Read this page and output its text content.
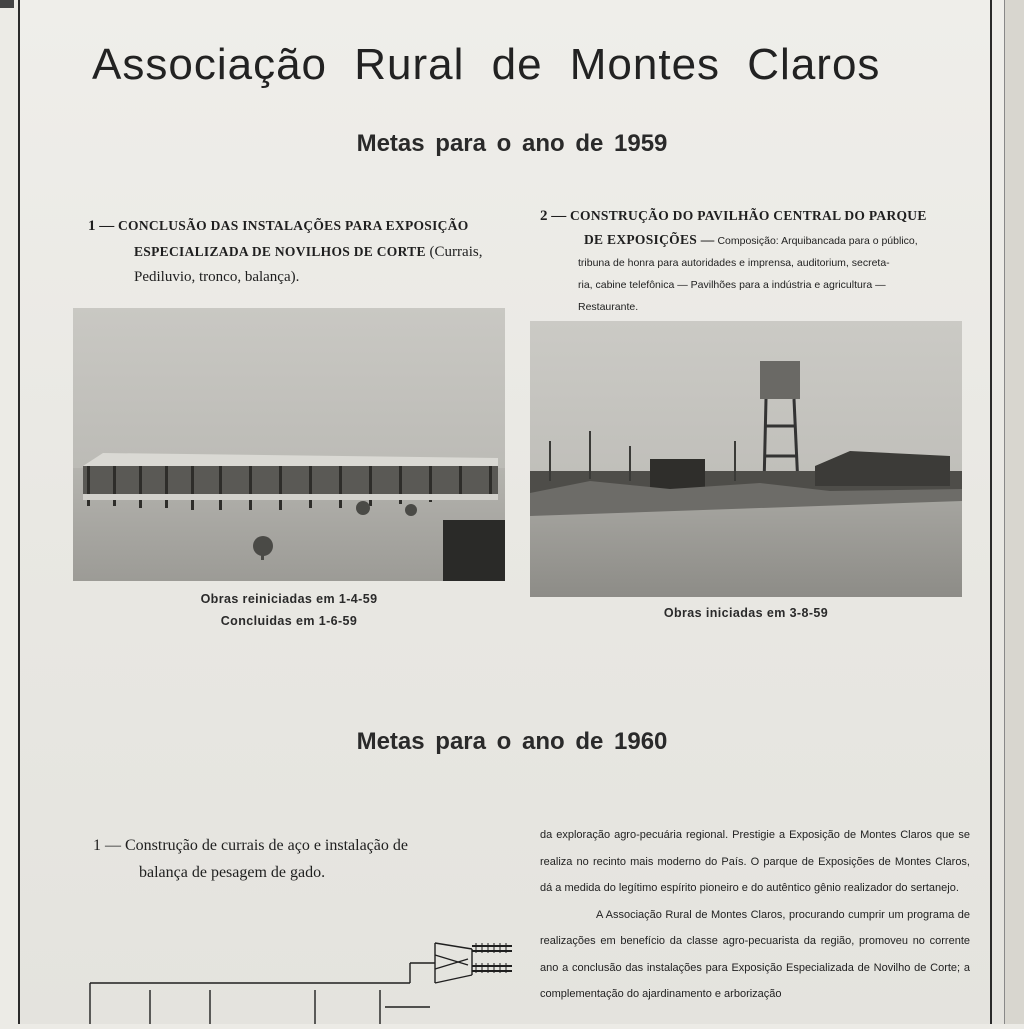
Associação Rural de Montes Claros
Metas para o ano de 1959
1 — CONCLUSÃO DAS INSTALAÇÕES PARA EXPOSIÇÃO
ESPECIALIZADA DE NOVILHOS DE CORTE (Currais,
Pediluvio, tronco, balança).
2 — CONSTRUÇÃO DO PAVILHÃO CENTRAL DO PARQUE
DE EXPOSIÇÕES — Composição: Arquibancada para o público,
tribuna de honra para autoridades e imprensa, auditorium, secreta-
ria, cabine telefônica — Pavilhões para a indústria e agricultura —
Restaurante.
Obras reiniciadas em 1-4-59
Concluidas em 1-6-59
Obras iniciadas em 3-8-59
Metas para o ano de 1960
1 — Construção de currais de aço e instalação de
balança de pesagem de gado.

da exploração agro-pecuária regional. Prestigie a Exposição de Montes Claros que se realiza no recinto mais moderno do País. O parque de Exposições de Montes Claros, dá a medida do legítimo espírito pioneiro e do autêntico gênio realizador do sertanejo.

A Associação Rural de Montes Claros, procurando cumprir um programa de realizações em benefício da classe agro-pecuarista da região, promoveu no corrente ano a conclusão das instalações para Exposição Especializada de Novilho de Corte; a complementação do ajardinamento e arborização
